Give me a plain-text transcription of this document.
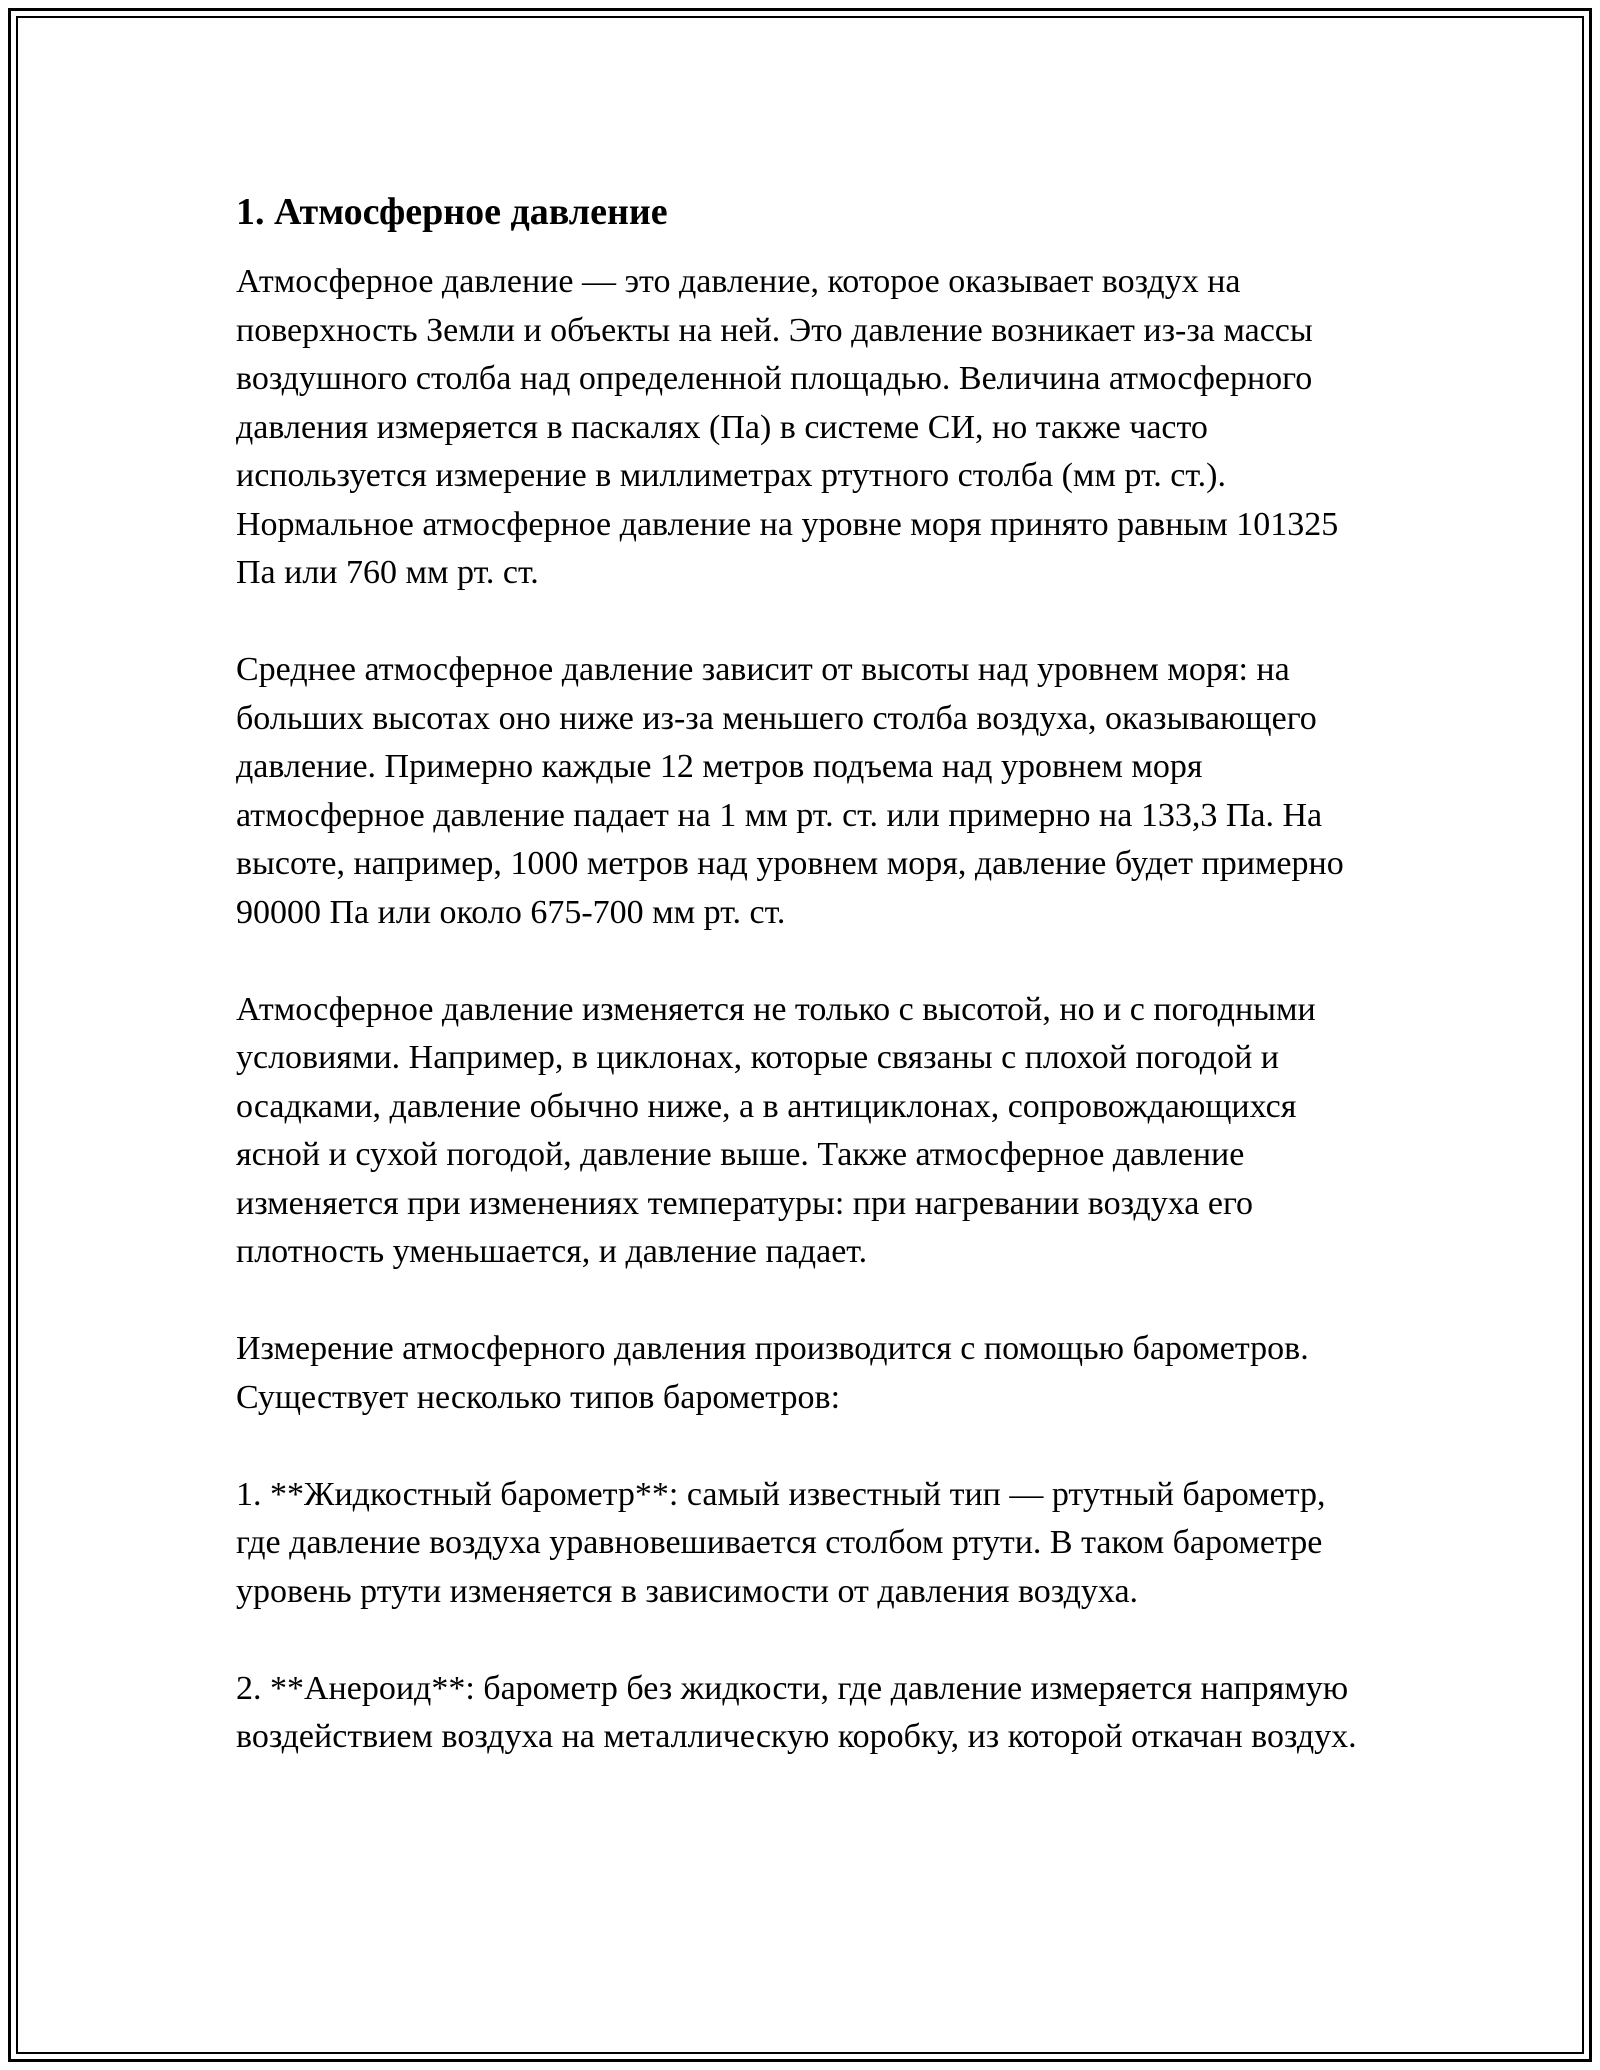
1. Атмосферное давление

Атмосферное давление — это давление, которое оказывает воздух на поверхность Земли и объекты на ней. Это давление возникает из-за массы воздушного столба над определенной площадью. Величина атмосферного давления измеряется в паскалях (Па) в системе СИ, но также часто используется измерение в миллиметрах ртутного столба (мм рт. ст.). Нормальное атмосферное давление на уровне моря принято равным 101325 Па или 760 мм рт. ст.

Среднее атмосферное давление зависит от высоты над уровнем моря: на больших высотах оно ниже из-за меньшего столба воздуха, оказывающего давление. Примерно каждые 12 метров подъема над уровнем моря атмосферное давление падает на 1 мм рт. ст. или примерно на 133,3 Па. На высоте, например, 1000 метров над уровнем моря, давление будет примерно 90000 Па или около 675-700 мм рт. ст.

Атмосферное давление изменяется не только с высотой, но и с погодными условиями. Например, в циклонах, которые связаны с плохой погодой и осадками, давление обычно ниже, а в антициклонах, сопровождающихся ясной и сухой погодой, давление выше. Также атмосферное давление изменяется при изменениях температуры: при нагревании воздуха его плотность уменьшается, и давление падает.

Измерение атмосферного давления производится с помощью барометров. Существует несколько типов барометров:

1. **Жидкостный барометр**: самый известный тип — ртутный барометр, где давление воздуха уравновешивается столбом ртути. В таком барометре уровень ртути изменяется в зависимости от давления воздуха.

2. **Анероид**: барометр без жидкости, где давление измеряется напрямую воздействием воздуха на металлическую коробку, из которой откачан воздух.
